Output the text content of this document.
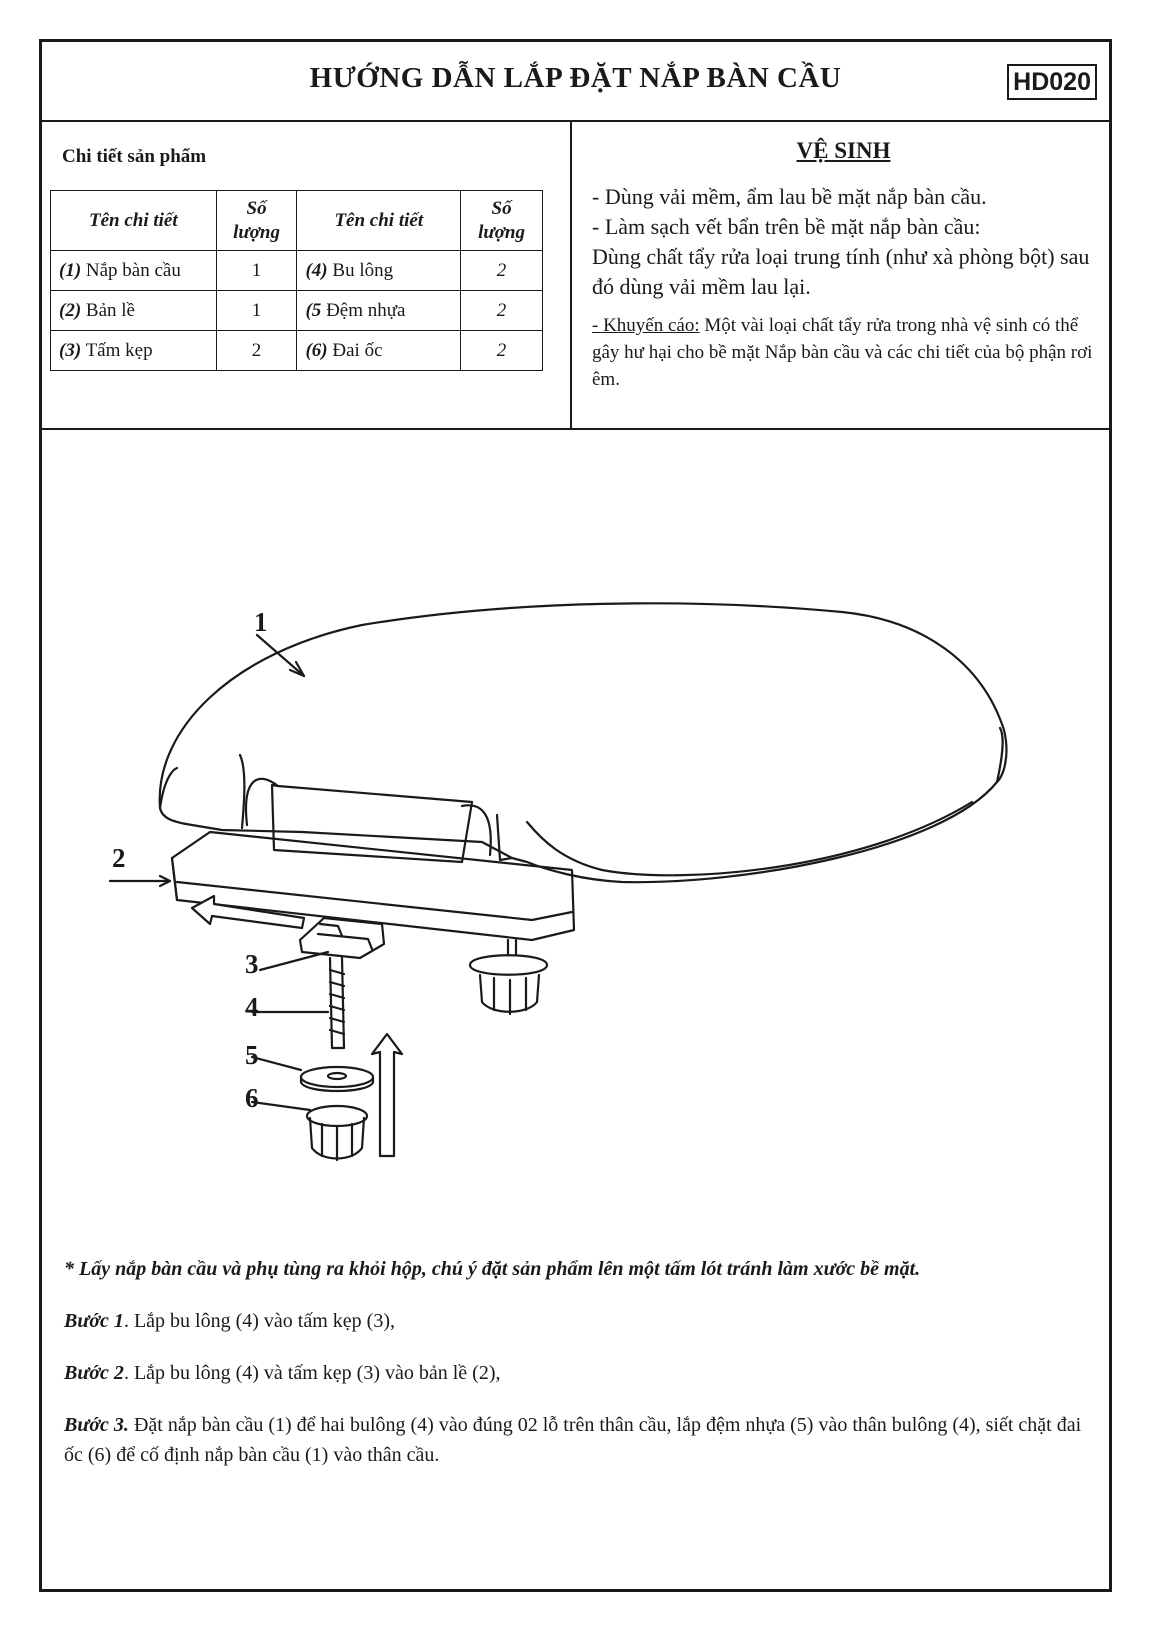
HƯỚNG DẪN LẮP ĐẶT NẮP BÀN CẦU	HD020
Chi tiết sản phẩm
Tên chi tiết	Số
lượng	Tên chi tiết	Số
lượng
(1) Nắp bàn cầu	1	(4) Bu lông	2
(2) Bản lề	1	(5 Đệm nhựa	2
(3) Tấm kẹp	2	(6) Đai ốc	2
VỆ SINH

- Dùng vải mềm, ẩm lau bề mặt nắp bàn cầu.

- Làm sạch vết bẩn trên bề mặt nắp bàn cầu:

Dùng chất tẩy rửa loại trung tính (như xà phòng bột) sau đó dùng vải mềm lau lại.

- Khuyến cáo: Một vài loại chất tẩy rửa trong nhà vệ sinh có thể gây hư hại cho bề mặt Nắp bàn cầu và các chi tiết của bộ phận rơi êm.

1
2
3
4
5
6

* Lấy nắp bàn cầu và phụ tùng ra khỏi hộp, chú ý đặt sản phẩm lên một tấm lót tránh làm xước bề mặt.

Bước 1. Lắp bu lông (4) vào tấm kẹp (3),

Bước 2. Lắp bu lông (4) và tấm kẹp (3) vào bản lề (2),

Bước 3. Đặt nắp bàn cầu (1) để hai bulông (4) vào đúng 02 lỗ trên thân cầu, lắp đệm nhựa (5) vào thân bulông (4), siết chặt đai ốc (6) để cố định nắp bàn cầu (1) vào thân cầu.
